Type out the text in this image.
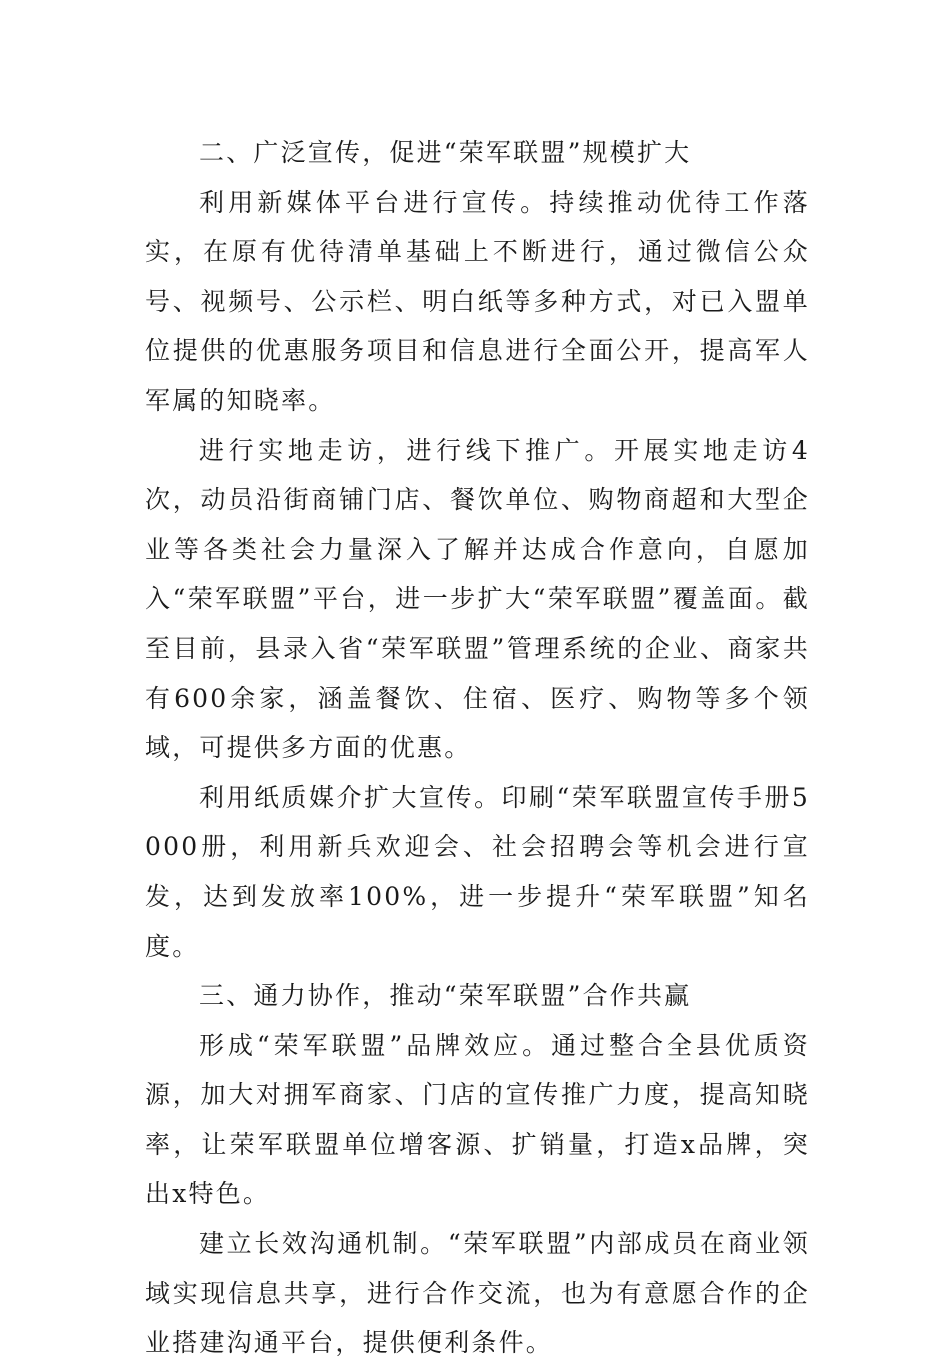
二、广泛宣传，促进“荣军联盟”规模扩大

利用新媒体平台进行宣传。持续推动优待工作落实，在原有优待清单基础上不断进行，通过微信公众号、视频号、公示栏、明白纸等多种方式，对已入盟单位提供的优惠服务项目和信息进行全面公开，提高军人军属的知晓率。

进行实地走访，进行线下推广。开展实地走访4次，动员沿街商铺门店、餐饮单位、购物商超和大型企业等各类社会力量深入了解并达成合作意向，自愿加入“荣军联盟”平台，进一步扩大“荣军联盟”覆盖面。截至目前，县录入省“荣军联盟”管理系统的企业、商家共有600余家，涵盖餐饮、住宿、医疗、购物等多个领域，可提供多方面的优惠。

利用纸质媒介扩大宣传。印刷“荣军联盟宣传手册5000册，利用新兵欢迎会、社会招聘会等机会进行宣发，达到发放率100%，进一步提升“荣军联盟”知名度。

三、通力协作，推动“荣军联盟”合作共赢

形成“荣军联盟”品牌效应。通过整合全县优质资源，加大对拥军商家、门店的宣传推广力度，提高知晓率，让荣军联盟单位增客源、扩销量，打造x品牌，突出x特色。

建立长效沟通机制。“荣军联盟”内部成员在商业领域实现信息共享，进行合作交流，也为有意愿合作的企业搭建沟通平台，提供便利条件。
